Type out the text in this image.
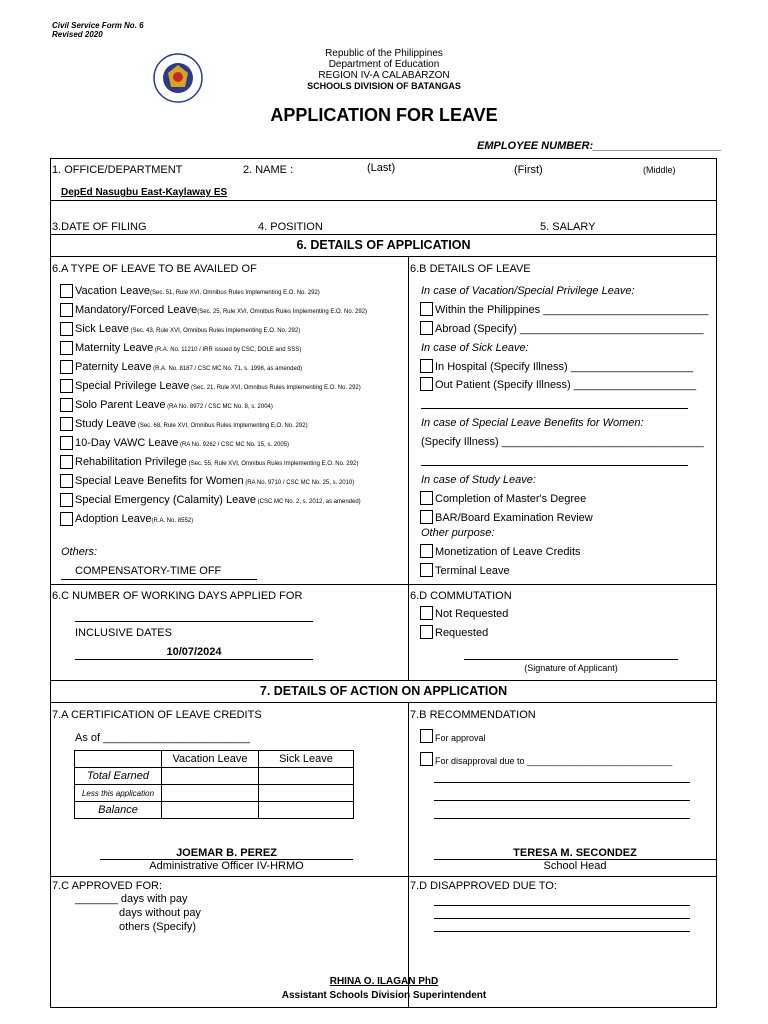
Civil Service Form No. 6
Revised 2020
Republic of the Philippines
Department of Education
REGION IV-A CALABARZON
SCHOOLS DIVISION OF BATANGAS
APPLICATION FOR LEAVE
EMPLOYEE NUMBER:_____________________
1. OFFICE/DEPARTMENT	2. NAME :	(Last)	(First)	(Middle)
DepEd Nasugbu East-Kaylaway ES
3.DATE OF FILING	4. POSITION	5. SALARY
6. DETAILS OF APPLICATION
6.A TYPE OF LEAVE TO BE AVAILED OF
Vacation Leave(Sec. 51, Rule XVI, Omnibus Rules Implementing E.O. No. 292)
Mandatory/Forced Leave(Sec. 25, Rule XVI, Omnibus Rules Implementing E.O. No. 292)
Sick Leave (Sec. 43, Rule XVI, Omnibus Rules Implementing E.O. No. 292)
Maternity Leave (R.A. No. 11210 / IRR issued by CSC, DOLE and SSS)
Paternity Leave (R.A. No. 8187 / CSC MC No. 71, s. 1998, as amended)
Special Privilege Leave (Sec. 21, Rule XVI, Omnibus Rules Implementing E.O. No. 292)
Solo Parent Leave (RA No. 8972 / CSC MC No. 8, s. 2004)
Study Leave (Sec. 68, Rule XVI, Omnibus Rules Implementing E.O. No. 292)
10-Day VAWC Leave (RA No. 9262 / CSC MC No. 15, s. 2005)
Rehabilitation Privilege (Sec. 55, Rule XVI, Omnibus Rules Implementing E.O. No. 292)
Special Leave Benefits for Women (RA No. 9710 / CSC MC No. 25, s. 2010)
Special Emergency (Calamity) Leave (CSC MC No. 2, s. 2012, as amended)
Adoption Leave(R.A. No. 8552)
Others:
COMPENSATORY-TIME OFF
6.B DETAILS OF LEAVE
In case of Vacation/Special Privilege Leave:
Within the Philippines ___________________________
Abroad (Specify) ______________________________
In case of Sick Leave:
In Hospital (Specify Illness) ____________________
Out Patient (Specify Illness) ____________________
In case of Special Leave Benefits for Women:
(Specify Illness) _________________________________
In case of Study Leave:
Completion of Master's Degree
BAR/Board Examination Review
Other purpose:
Monetization of Leave Credits
Terminal Leave
6.C NUMBER OF WORKING DAYS APPLIED FOR
INCLUSIVE DATES
10/07/2024
6.D COMMUTATION
Not Requested
Requested
(Signature of Applicant)
7. DETAILS OF ACTION ON APPLICATION
7.A CERTIFICATION OF LEAVE CREDITS
As of ________________________
Vacation Leave	Sick Leave
Total Earned
Less this application
Balance
JOEMAR B. PEREZ
Administrative Officer IV-HRMO
7.B RECOMMENDATION
For approval
For disapproval due to _____________________________
TERESA M. SECONDEZ
School Head
7.C APPROVED FOR:
_______ days with pay
days without pay
others (Specify)
7.D DISAPPROVED DUE TO:
RHINA O. ILAGAN PhD
Assistant Schools Division Superintendent
